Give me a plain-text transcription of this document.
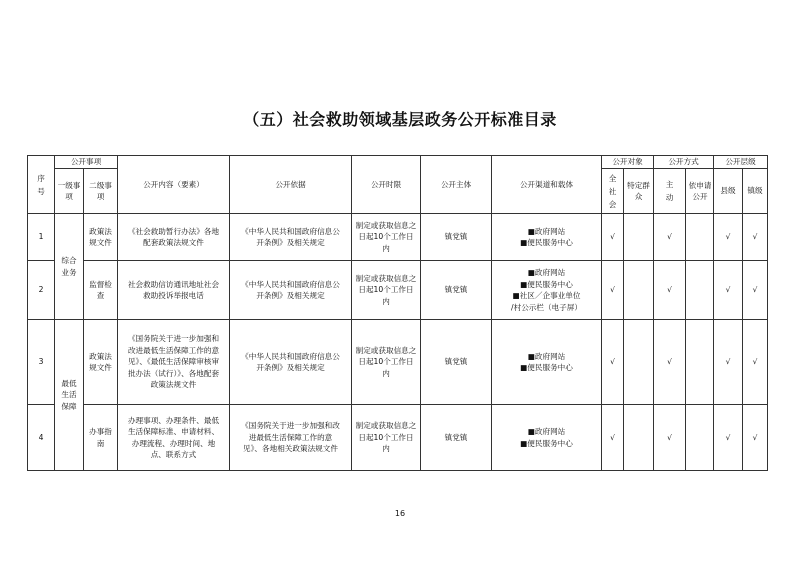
（五）社会救助领域基层政务公开标准目录
序号	公开事项		公开内容（要素）	公开依据	公开时限	公开主体	公开渠道和载体	公开对象		公开方式		公开层级	

	一级事项	二级事项						全社会	特定群众	主动	依申请公开	县级	镇级
1	综合业务	政策法规文件	《社会救助暂行办法》各地配套政策法规文件	《中华人民共和国政府信息公开条例》及相关规定	制定或获取信息之日起10个工作日内	镇党镇	■政府网站
■便民服务中心	√		√		√	√
2		监督检查	社会救助信访通讯地址社会救助投诉举报电话	《中华人民共和国政府信息公开条例》及相关规定	制定或获取信息之日起10个工作日内	镇党镇	■政府网站
■便民服务中心
■社区／企事业单位
/村公示栏（电子屏）	√		√		√	√
3	最低生活保障	政策法规文件	《国务院关于进一步加强和改进最低生活保障工作的意见》、《最低生活保障审核审批办法（试行）》、各地配套政策法规文件	《中华人民共和国政府信息公开条例》及相关规定	制定或获取信息之日起10个工作日内	镇党镇	■政府网站
■便民服务中心	√		√		√	√
4		办事指南	办理事项、办理条件、最低生活保障标准、申请材料、办理流程、办理时间、地点、联系方式	《国务院关于进一步加强和改进最低生活保障工作的意见》、各地相关政策法规文件	制定或获取信息之日起10个工作日内	镇党镇	■政府网站
■便民服务中心	√		√		√	√
16
